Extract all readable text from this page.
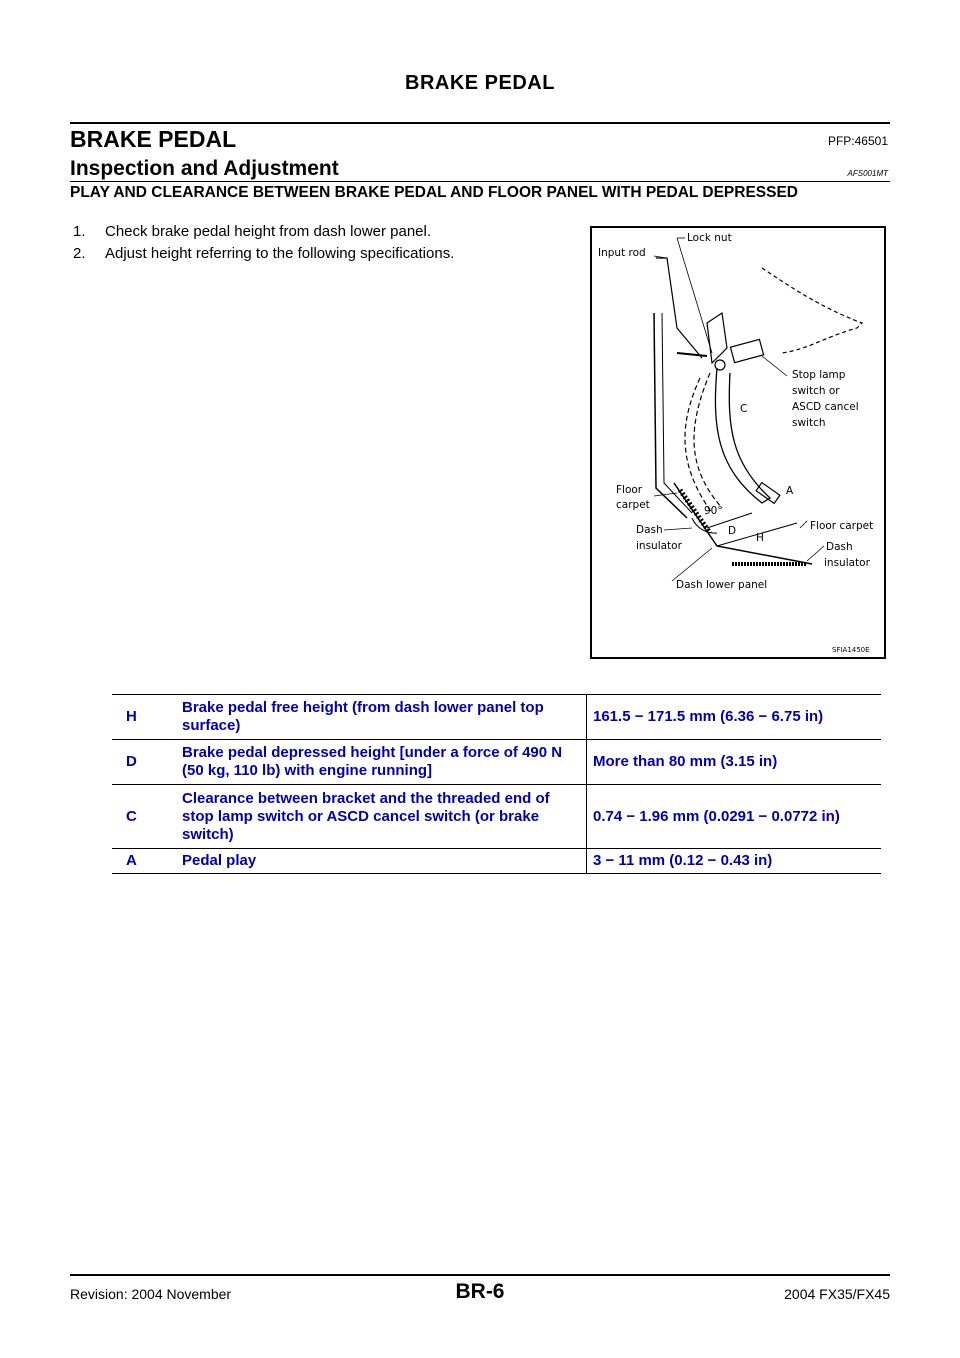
BRAKE PEDAL
BRAKE PEDAL	PFP:46501
Inspection and Adjustment	AFS001MT
PLAY AND CLEARANCE BETWEEN BRAKE PEDAL AND FLOOR PANEL WITH PEDAL DEPRESSED
1.	Check brake pedal height from dash lower panel.
2.	Adjust height referring to the following specifications.	Input rod
Lock nut
Stop lamp
switch or
ASCD cancel
switch
C
Floor
carpet
A
90°
D
Dash
insulator
H
Floor carpet
Dash
insulator
Dash lower panel
SFIA1450E
H	Brake pedal free height (from dash lower panel top surface)	161.5 − 171.5 mm (6.36 − 6.75 in)
D	Brake pedal depressed height [under a force of 490 N (50 kg, 110 lb) with engine running]	More than 80 mm (3.15 in)
C	Clearance between bracket and the threaded end of stop lamp switch or ASCD cancel switch (or brake switch)	0.74 − 1.96 mm (0.0291 − 0.0772 in)
A	Pedal play	3 − 11 mm (0.12 − 0.43 in)
Revision: 2004 November	BR-6	2004 FX35/FX45
